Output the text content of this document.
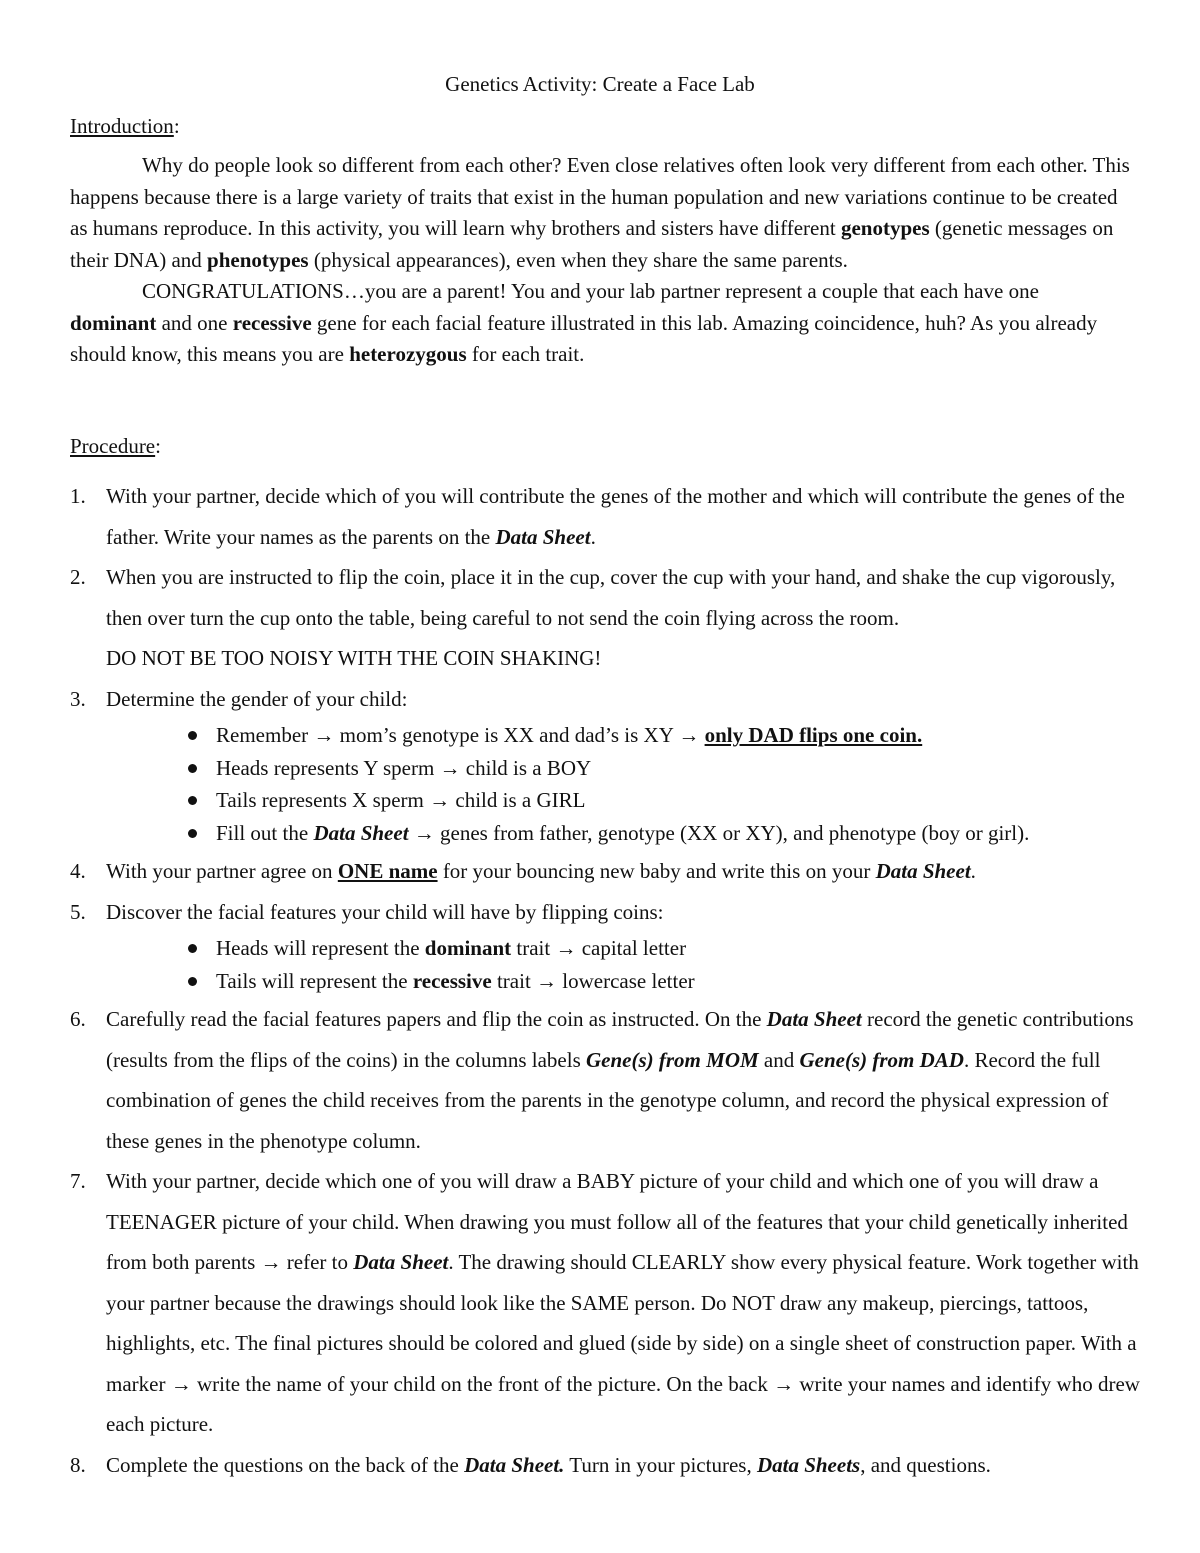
Genetics Activity: Create a Face Lab
Introduction:

Why do people look so different from each other? Even close relatives often look very different from each other. This happens because there is a large variety of traits that exist in the human population and new variations continue to be created as humans reproduce. In this activity, you will learn why brothers and sisters have different genotypes (genetic messages on their DNA) and phenotypes (physical appearances), even when they share the same parents.

CONGRATULATIONS…you are a parent! You and your lab partner represent a couple that each have one dominant and one recessive gene for each facial feature illustrated in this lab. Amazing coincidence, huh? As you already should know, this means you are heterozygous for each trait.

Procedure:
1. With your partner, decide which of you will contribute the genes of the mother and which will contribute the genes of the father. Write your names as the parents on the Data Sheet.
2. When you are instructed to flip the coin, place it in the cup, cover the cup with your hand, and shake the cup vigorously, then over turn the cup onto the table, being careful to not send the coin flying across the room.
DO NOT BE TOO NOISY WITH THE COIN SHAKING!
3. Determine the gender of your child:
Remember → mom’s genotype is XX and dad’s is XY → only DAD flips one coin.
Heads represents Y sperm → child is a BOY
Tails represents X sperm → child is a GIRL
Fill out the Data Sheet → genes from father, genotype (XX or XY), and phenotype (boy or girl).
4. With your partner agree on ONE name for your bouncing new baby and write this on your Data Sheet.
5. Discover the facial features your child will have by flipping coins:
Heads will represent the dominant trait → capital letter
Tails will represent the recessive trait → lowercase letter
6. Carefully read the facial features papers and flip the coin as instructed. On the Data Sheet record the genetic contributions (results from the flips of the coins) in the columns labels Gene(s) from MOM and Gene(s) from DAD. Record the full combination of genes the child receives from the parents in the genotype column, and record the physical expression of these genes in the phenotype column.
7. With your partner, decide which one of you will draw a BABY picture of your child and which one of you will draw a TEENAGER picture of your child. When drawing you must follow all of the features that your child genetically inherited from both parents → refer to Data Sheet. The drawing should CLEARLY show every physical feature. Work together with your partner because the drawings should look like the SAME person. Do NOT draw any makeup, piercings, tattoos, highlights, etc. The final pictures should be colored and glued (side by side) on a single sheet of construction paper. With a marker → write the name of your child on the front of the picture. On the back → write your names and identify who drew each picture.
8. Complete the questions on the back of the Data Sheet. Turn in your pictures, Data Sheets, and questions.
